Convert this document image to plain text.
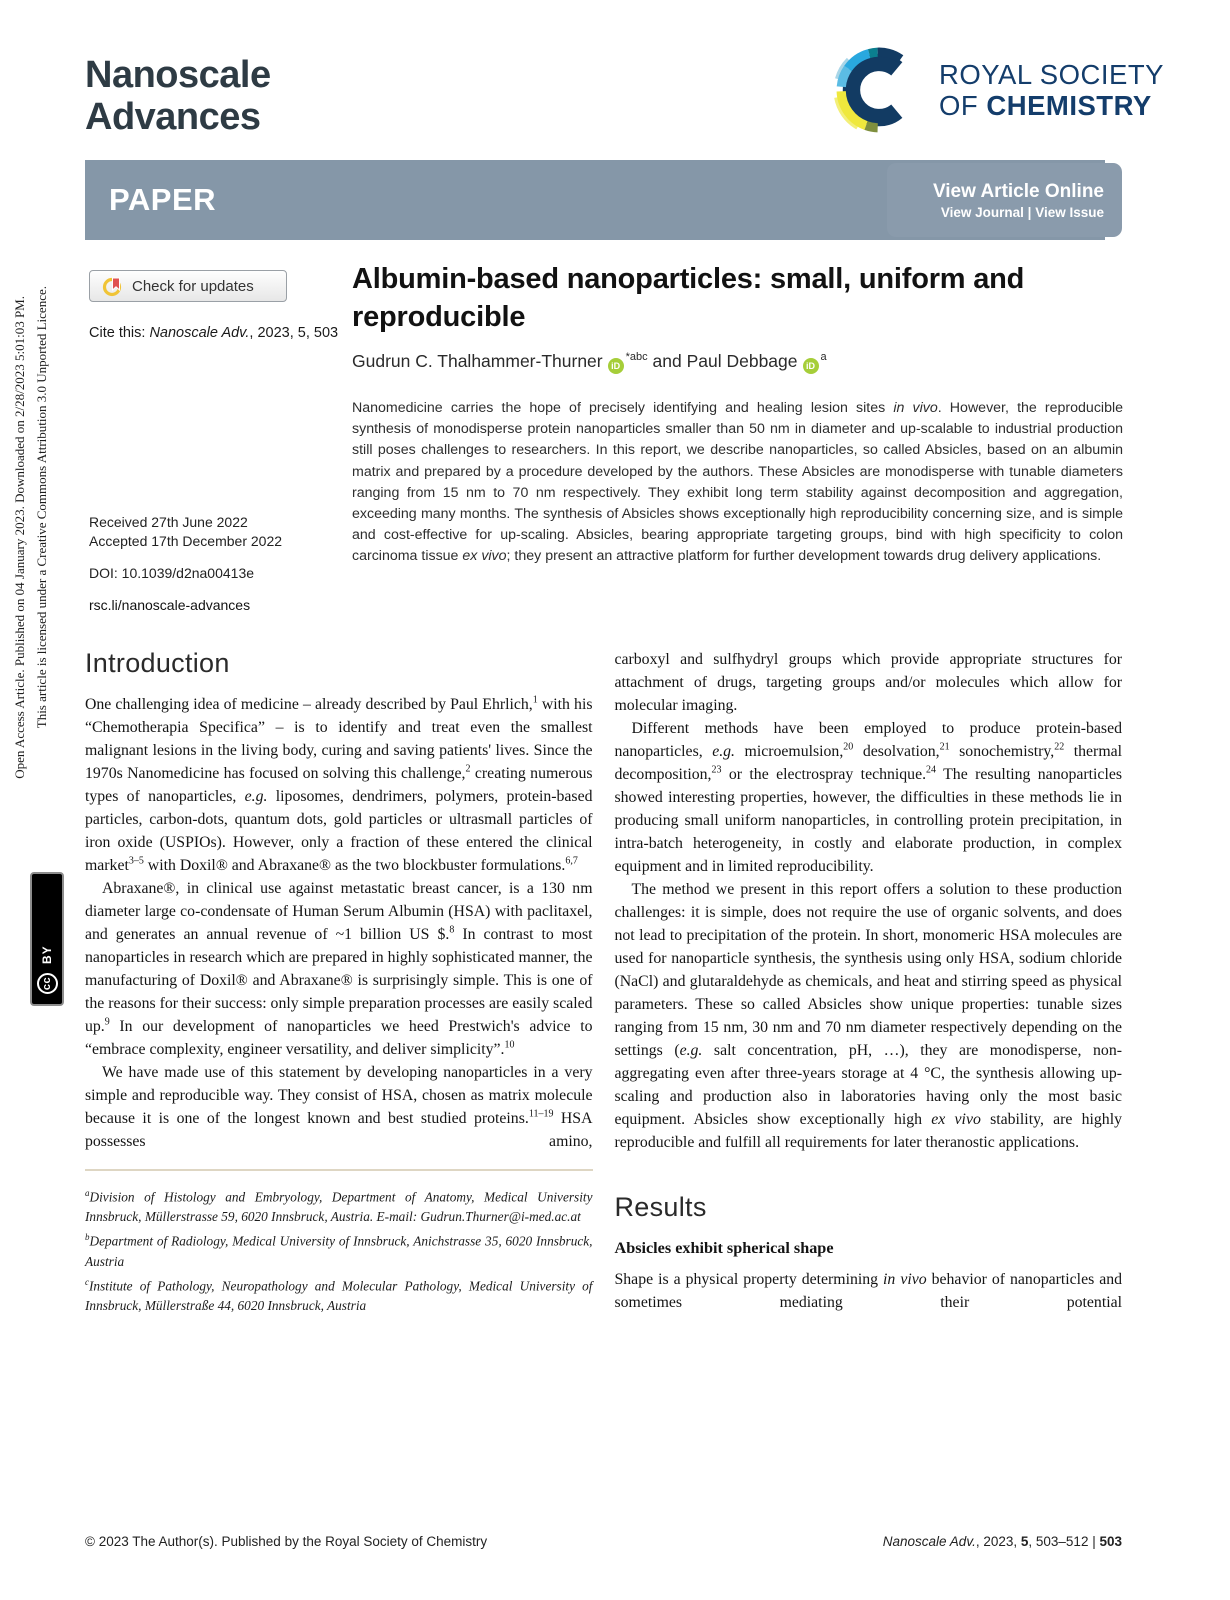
Open Access Article. Published on 04 January 2023. Downloaded on 2/28/2023 5:01:03 PM. This article is licensed under a Creative Commons Attribution 3.0 Unported Licence.
cc
BY
Nanoscale
Advances
ROYAL SOCIETY
OF CHEMISTRY
PAPER	View Article Online
View Journal | View Issue
Check for updates
Cite this: Nanoscale Adv., 2023, 5, 503
Albumin-based nanoparticles: small, uniform and reproducible
Gudrun C. Thalhammer-Thurner $iD^{*abc}$ and Paul Debbage $iD^a$
Nanomedicine carries the hope of precisely identifying and healing lesion sites in vivo. However, the reproducible synthesis of monodisperse protein nanoparticles smaller than 50 nm in diameter and up-scalable to industrial production still poses challenges to researchers. In this report, we describe nanoparticles, so called Absicles, based on an albumin matrix and prepared by a procedure developed by the authors. These Absicles are monodisperse with tunable diameters ranging from 15 nm to 70 nm respectively. They exhibit long term stability against decomposition and aggregation, exceeding many months. The synthesis of Absicles shows exceptionally high reproducibility concerning size, and is simple and cost-effective for up-scaling. Absicles, bearing appropriate targeting groups, bind with high specificity to colon carcinoma tissue ex vivo; they present an attractive platform for further development towards drug delivery applications.
Received 27th June 2022
Accepted 17th December 2022
DOI: 10.1039/d2na00413e
rsc.li/nanoscale-advances
Introduction

One challenging idea of medicine – already described by Paul Ehrlich,$^1$ with his “Chemotherapia Specifica” – is to identify and treat even the smallest malignant lesions in the living body, curing and saving patients' lives. Since the 1970s Nanomedicine has focused on solving this challenge,$^2$ creating numerous types of nanoparticles, e.g. liposomes, dendrimers, polymers, protein-based particles, carbon-dots, quantum dots, gold particles or ultrasmall particles of iron oxide (USPIOs). However, only a fraction of these entered the clinical market$^{3-5}$ with Doxil® and Abraxane® as the two blockbuster formulations.$^{6,7}$

Abraxane®, in clinical use against metastatic breast cancer, is a 130 nm diameter large co-condensate of Human Serum Albumin (HSA) with paclitaxel, and generates an annual revenue of ~1 billion US $.$^8$ In contrast to most nanoparticles in research which are prepared in highly sophisticated manner, the manufacturing of Doxil® and Abraxane® is surprisingly simple. This is one of the reasons for their success: only simple preparation processes are easily scaled up.$^9$ In our development of nanoparticles we heed Prestwich's advice to “embrace complexity, engineer versatility, and deliver simplicity”.$^{10}$

We have made use of this statement by developing nanoparticles in a very simple and reproducible way. They consist of HSA, chosen as matrix molecule because it is one of the longest known and best studied proteins.$^{11-19}$ HSA possesses amino,

$^a$Division of Histology and Embryology, Department of Anatomy, Medical University Innsbruck, Müllerstrasse 59, 6020 Innsbruck, Austria. E-mail: Gudrun.Thurner@i-med.ac.at
$^b$Department of Radiology, Medical University of Innsbruck, Anichstrasse 35, 6020 Innsbruck, Austria
$^c$Institute of Pathology, Neuropathology and Molecular Pathology, Medical University of Innsbruck, Müllerstraße 44, 6020 Innsbruck, Austria

carboxyl and sulfhydryl groups which provide appropriate structures for attachment of drugs, targeting groups and/or molecules which allow for molecular imaging.

Different methods have been employed to produce protein-based nanoparticles, e.g. microemulsion,$^{20}$ desolvation,$^{21}$ sonochemistry,$^{22}$ thermal decomposition,$^{23}$ or the electrospray technique.$^{24}$ The resulting nanoparticles showed interesting properties, however, the difficulties in these methods lie in producing small uniform nanoparticles, in controlling protein precipitation, in intra-batch heterogeneity, in costly and elaborate production, in complex equipment and in limited reproducibility.

The method we present in this report offers a solution to these production challenges: it is simple, does not require the use of organic solvents, and does not lead to precipitation of the protein. In short, monomeric HSA molecules are used for nanoparticle synthesis, the synthesis using only HSA, sodium chloride (NaCl) and glutaraldehyde as chemicals, and heat and stirring speed as physical parameters. These so called Absicles show unique properties: tunable sizes ranging from 15 nm, 30 nm and 70 nm diameter respectively depending on the settings (e.g. salt concentration, pH, …), they are monodisperse, non-aggregating even after three-years storage at 4 °C, the synthesis allowing up-scaling and production also in laboratories having only the most basic equipment. Absicles show exceptionally high ex vivo stability, are highly reproducible and fulfill all requirements for later theranostic applications.

Results
Absicles exhibit spherical shape

Shape is a physical property determining in vivo behavior of nanoparticles and sometimes mediating their potential

© 2023 The Author(s). Published by the Royal Society of Chemistry	Nanoscale Adv., 2023, 5, 503–512 | 503
